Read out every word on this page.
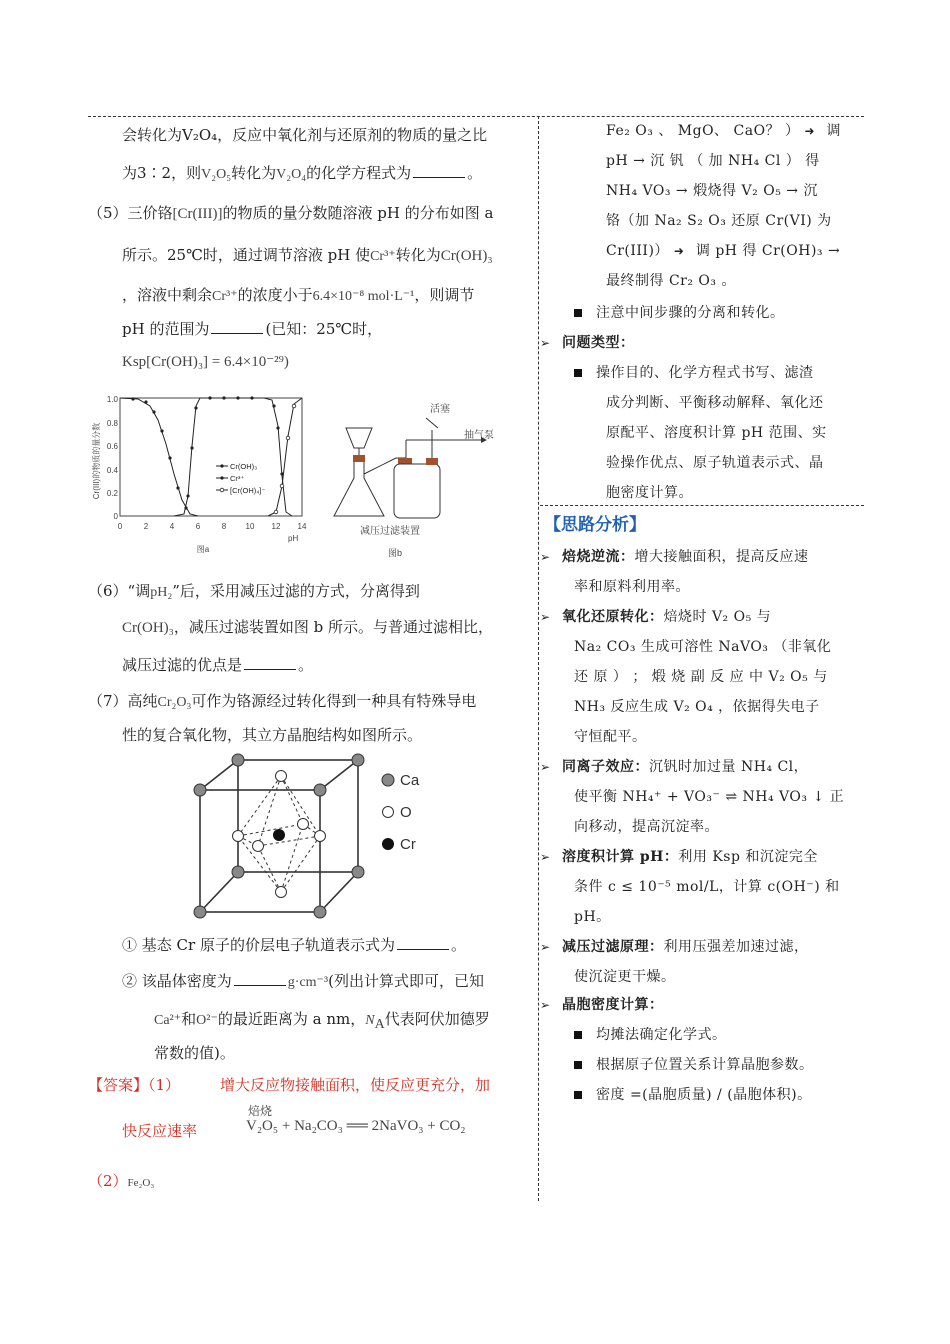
会转化为V₂O₄，反应中氧化剂与还原剂的物质的量之比
为3∶2，则V₂O₅转化为V₂O₄的化学方程式为	。
（5）三价铬[Cr(III)]的物质的量分数随溶液 pH 的分布如图 a
所示。25℃时，通过调节溶液 pH 使Cr³⁺转化为Cr(OH)₃
，溶液中剩余Cr³⁺的浓度小于6.4×10⁻⁸ mol·L⁻¹，则调节
pH 的范围为	(已知：25℃时，
Ksp[Cr(OH)₃] = 6.4×10⁻²⁹)
Cr(III)的物质的量分数
1.0
0.8
0.6
0.4
0.2
0
0	2	4	6	8 10 12 14
pH
图a
Cr(OH)₃
Cr³⁺
[Cr(OH)₄]⁻
活塞
抽气泵
减压过滤装置
图b
（6）“调pH₂”后，采用减压过滤的方式，分离得到
Cr(OH)₃，减压过滤装置如图 b 所示。与普通过滤相比，
减压过滤的优点是	。
（7）高纯Cr₂O₃可作为铬源经过转化得到一种具有特殊导电
性的复合氧化物，其立方晶胞结构如图所示。
Ca
O
Cr
① 基态 Cr 原子的价层电子轨道表示式为	。
② 该晶体密度为	g·cm⁻³(列出计算式即可，已知
Ca²⁺和O²⁻的最近距离为 a nm，$N_A$代表阿伏加德罗
常数的值)。
【答案】（1）	增大反应物接触面积，使反应更充分，加
快反应速率
焙烧
V₂O₅ + Na₂CO₃ ══ 2NaVO₃ + CO₂
（2）Fe₂O₃
Fe₂ O₃ 、 MgO、 CaO？ ） ➜ 调
pH → 沉 钒 （ 加 NH₄ Cl ） 得
NH₄ VO₃ → 煅烧得 V₂ O₅ → 沉
铬（加 Na₂ S₂ O₃ 还原 Cr(VI) 为
Cr(III)） ➜ 调 pH 得 Cr(OH)₃ →
最终制得 Cr₂ O₃ 。
注意中间步骤的分离和转化。
➢ 问题类型：
操作目的、化学方程式书写、滤渣
成分判断、平衡移动解释、氧化还
原配平、溶度积计算 pH 范围、实
验操作优点、原子轨道表示式、晶
胞密度计算。
【思路分析】
➢ 焙烧逆流：增大接触面积，提高反应速
率和原料利用率。
➢ 氧化还原转化：焙烧时 V₂ O₅ 与
Na₂ CO₃ 生成可溶性 NaVO₃ （非氧化
还 原 ） ； 煅 烧 副 反 应 中 V₂ O₅ 与
NH₃ 反应生成 V₂ O₄ ，依据得失电子
守恒配平。
➢ 同离子效应：沉钒时加过量 NH₄ Cl，
使平衡 NH₄⁺ + VO₃⁻ ⇌ NH₄ VO₃ ↓ 正
向移动，提高沉淀率。
➢ 溶度积计算 pH：利用 Ksp 和沉淀完全
条件 c ≤ 10⁻⁵ mol/L，计算 c(OH⁻) 和
pH。
➢ 减压过滤原理：利用压强差加速过滤，
使沉淀更干燥。
➢ 晶胞密度计算：
均摊法确定化学式。
根据原子位置关系计算晶胞参数。
密度 =(晶胞质量) / (晶胞体积)。
